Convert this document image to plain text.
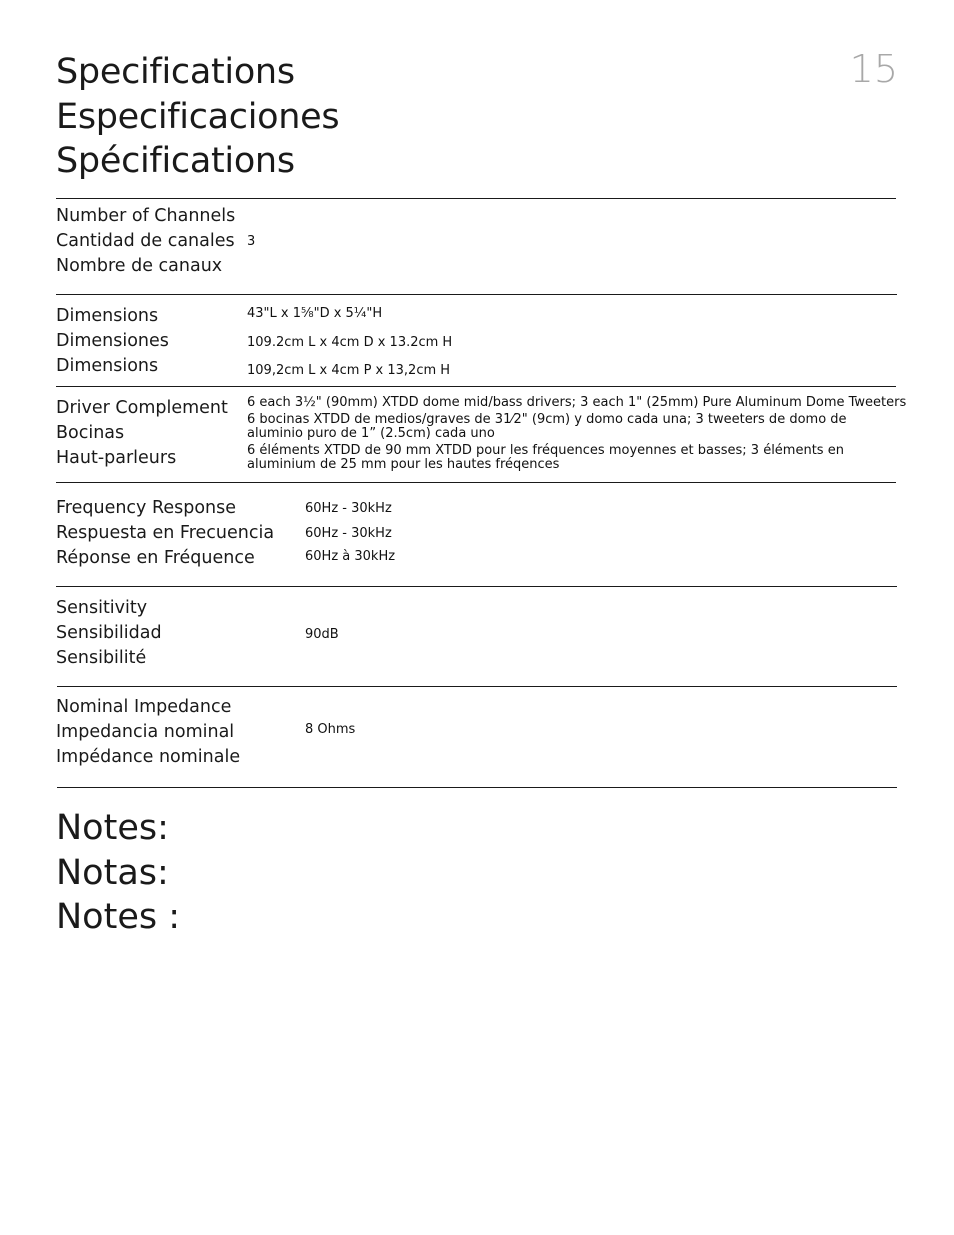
15
Specifications
Especificaciones
Spécifications
Number of Channels
Cantidad de canales
Nombre de canaux
3
Dimensions
Dimensiones
Dimensions
43"L x 1⅝"D x 5¼"H
109.2cm L x 4cm D x 13.2cm H
109,2cm L x 4cm P x 13,2cm H
Driver Complement
Bocinas
Haut-parleurs
6 each 3½" (90mm) XTDD dome mid/bass drivers; 3 each 1" (25mm) Pure Aluminum Dome Tweeters
6 bocinas XTDD de medios/graves de 31⁄2" (9cm) y domo cada una; 3 tweeters de domo de aluminio puro de 1” (2.5cm) cada uno
6 éléments XTDD de 90 mm XTDD pour les fréquences moyennes et basses; 3 éléments en aluminium de 25 mm pour les hautes fréqences
Frequency Response
Respuesta en Frecuencia
Réponse en Fréquence
60Hz - 30kHz
60Hz - 30kHz
60Hz à 30kHz
Sensitivity
Sensibilidad
Sensibilité
90dB
Nominal Impedance
Impedancia nominal
Impédance nominale
8 Ohms
Notes:
Notas:
Notes :
